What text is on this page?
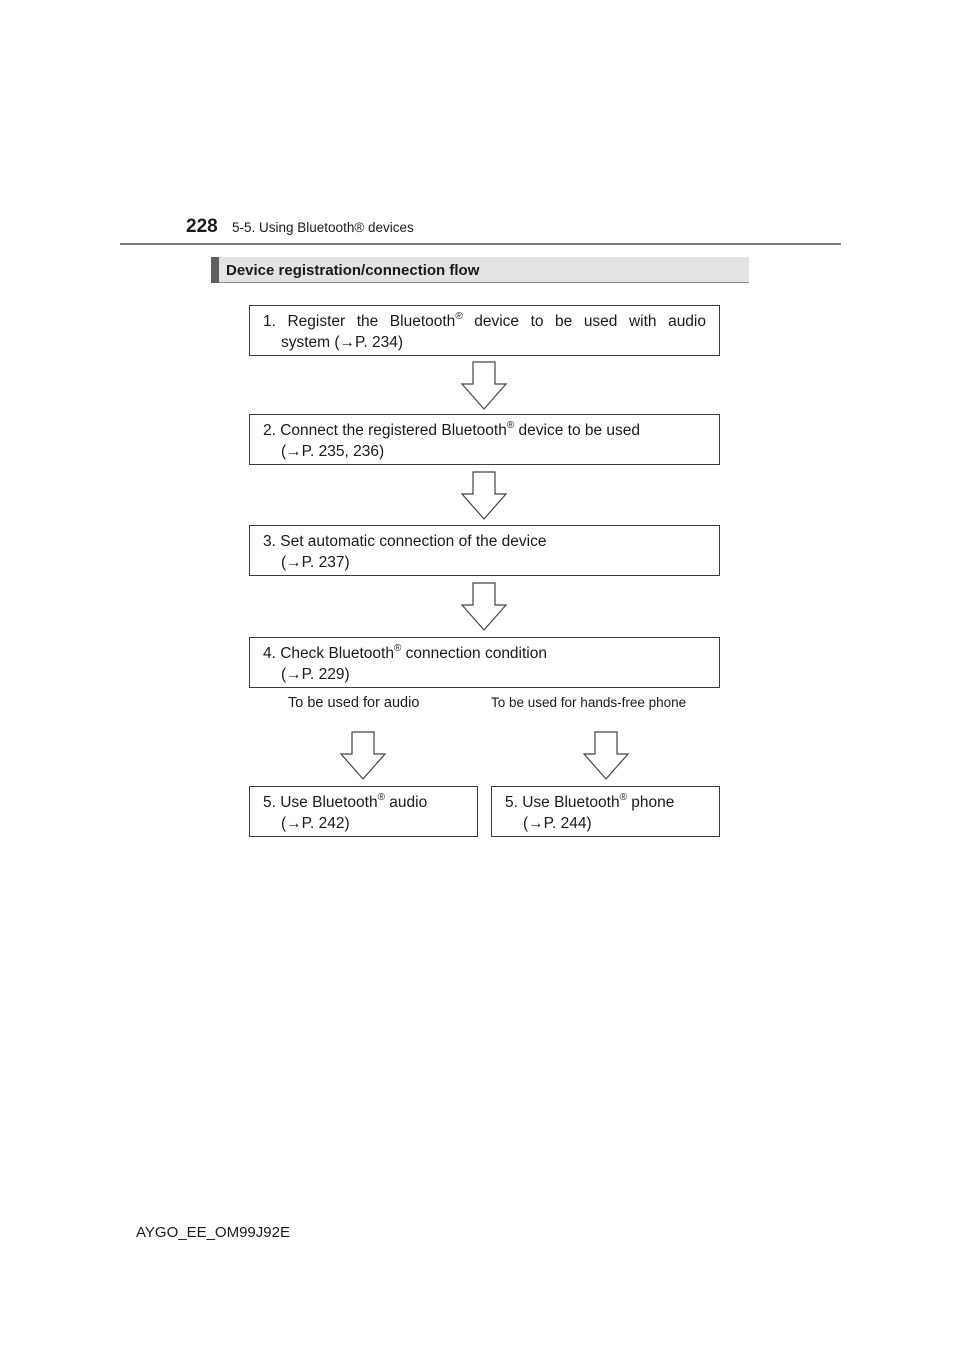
228 5-5. Using Bluetooth® devices
Device registration/connection flow
1. Register the Bluetooth® device to be used with audio
system (→P. 234)
2. Connect the registered Bluetooth® device to be used
(→P. 235, 236)
3. Set automatic connection of the device
(→P. 237)
4. Check Bluetooth® connection condition
(→P. 229)
To be used for audio	To be used for hands-free phone
5. Use Bluetooth® audio
(→P. 242)
5. Use Bluetooth® phone
(→P. 244)
AYGO_EE_OM99J92E
